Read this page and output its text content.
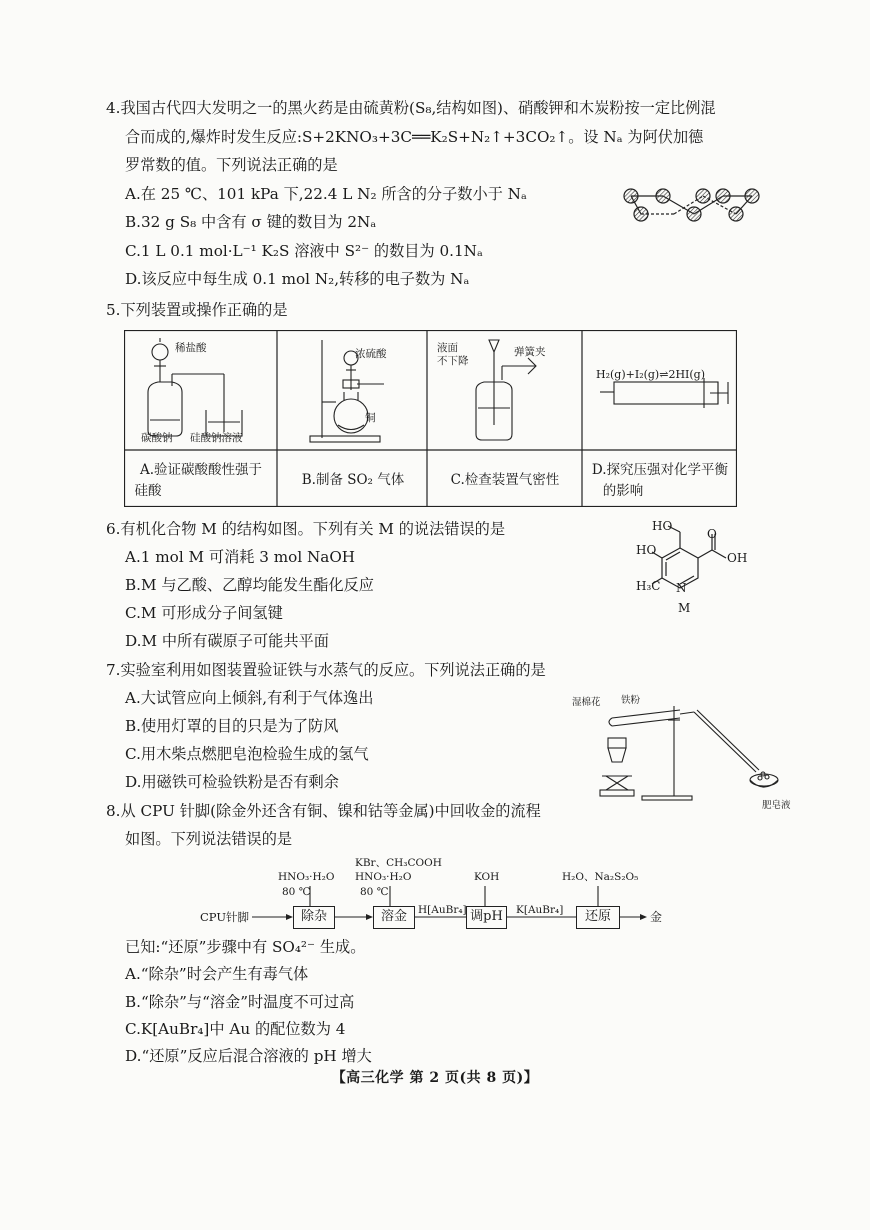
4.我国古代四大发明之一的黑火药是由硫黄粉(S₈,结构如图)、硝酸钾和木炭粉按一定比例混
合而成的,爆炸时发生反应:S+2KNO₃+3C══K₂S+N₂↑+3CO₂↑。设 Nₐ 为阿伏加德
罗常数的值。下列说法正确的是
A.在 25 ℃、101 kPa 下,22.4 L N₂ 所含的分子数小于 Nₐ
B.32 g S₈ 中含有 σ 键的数目为 2Nₐ
C.1 L 0.1 mol·L⁻¹ K₂S 溶液中 S²⁻ 的数目为 0.1Nₐ
D.该反应中每生成 0.1 mol N₂,转移的电子数为 Nₐ
5.下列装置或操作正确的是
稀盐酸
碳酸钠 硅酸钠溶液
浓硫酸
铜
液面
不下降
弹簧夹
H₂(g)+I₂(g)⇌2HI(g)
A.验证碳酸酸性强于
硅酸
B.制备 SO₂ 气体	C.检查装置气密性
D.探究压强对化学平衡
的影响
6.有机化合物 M 的结构如图。下列有关 M 的说法错误的是
A.1 mol M 可消耗 3 mol NaOH
B.M 与乙酸、乙醇均能发生酯化反应
C.M 可形成分子间氢键
D.M 中所有碳原子可能共平面
HO
HO
O
OH
N
H₃C
M
7.实验室利用如图装置验证铁与水蒸气的反应。下列说法正确的是
A.大试管应向上倾斜,有利于气体逸出
B.使用灯罩的目的只是为了防风
C.用木柴点燃肥皂泡检验生成的氢气
D.用磁铁可检验铁粉是否有剩余
湿棉花 铁粉
肥皂液
8.从 CPU 针脚(除金外还含有铜、镍和钴等金属)中回收金的流程
如图。下列说法错误的是
CPU针脚	除杂	溶金	调pH	还原	金
HNO₃·H₂O
80 ℃
KBr、CH₃COOH
HNO₃·H₂O
80 ℃
KOH	H₂O、Na₂S₂O₅
H[AuBr₄]	K[AuBr₄]
已知:“还原”步骤中有 SO₄²⁻ 生成。
A.“除杂”时会产生有毒气体
B.“除杂”与“溶金”时温度不可过高
C.K[AuBr₄]中 Au 的配位数为 4
D.“还原”反应后混合溶液的 pH 增大
【高三化学 第 2 页(共 8 页)】
